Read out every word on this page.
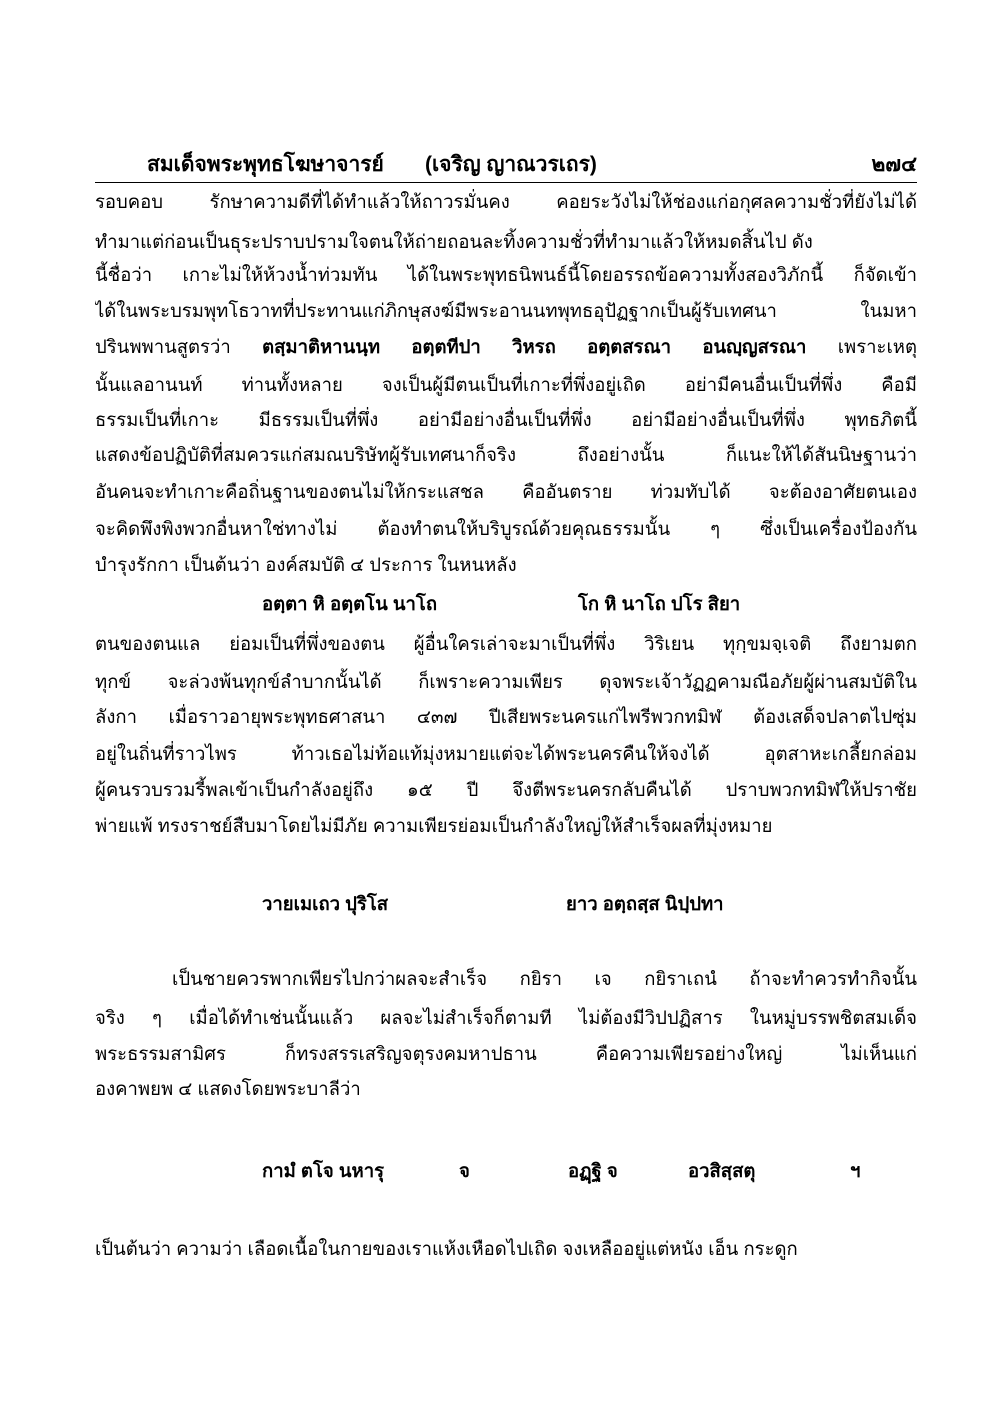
สมเด็จพระพุทธโฆษาจารย์ (เจริญ ญาณวรเถร)	๒๗๔
รอบคอบ รักษาความดีที่ได้ทำแล้วให้ถาวรมั่นคง คอยระวังไม่ให้ช่องแก่อกุศลความชั่วที่ยังไม่ได้
ทำมาแต่ก่อนเป็นธุระปราบปรามใจตนให้ถ่ายถอนละทิ้งความชั่วที่ทำมาแล้วให้หมดสิ้นไป ดัง
นี้ชื่อว่า เกาะไม่ให้ห้วงน้ำท่วมทัน ได้ในพระพุทธนิพนธ์นี้โดยอรรถข้อความทั้งสองวิภักนี้ ก็จัดเข้า
ได้ในพระบรมพุทโธวาทที่ประทานแก่ภิกษุสงฆ์มีพระอานนทพุทธอุปัฏฐากเป็นผู้รับเทศนา ในมหา
ปรินพพานสูตรว่า ตสฺมาติหานนฺท อตฺตทีปา วิหรถ อตฺตสรณา อนญฺญสรณา เพราะเหตุ
นั้นแลอานนท์ ท่านทั้งหลาย จงเป็นผู้มีตนเป็นที่เกาะที่พึ่งอยู่เถิด อย่ามีคนอื่นเป็นที่พึ่ง คือมี
ธรรมเป็นที่เกาะ มีธรรมเป็นที่พึ่ง อย่ามีอย่างอื่นเป็นที่พึ่ง อย่ามีอย่างอื่นเป็นที่พึ่ง พุทธภิตนี้
แสดงข้อปฏิบัติที่สมควรแก่สมณบริษัทผู้รับเทศนาก็จริง ถึงอย่างนั้น ก็แนะให้ได้สันนิษฐานว่า
อันคนจะทำเกาะคือถิ่นฐานของตนไม่ให้กระแสชล คืออันตราย ท่วมทับได้ จะต้องอาศัยตนเอง
จะคิดพึงพิงพวกอื่นหาใช่ทางไม่ ต้องทำตนให้บริบูรณ์ด้วยคุณธรรมนั้น ๆ ซึ่งเป็นเครื่องป้องกัน
บำรุงรักกา เป็นต้นว่า องค์สมบัติ ๔ ประการ ในหนหลัง
อตฺตา หิ อตฺตโน นาโถ	โก หิ นาโถ ปโร สิยา
ตนของตนแล ย่อมเป็นที่พึ่งของตน ผู้อื่นใครเล่าจะมาเป็นที่พึ่ง วิริเยน ทุกฺขมจฺเจติ ถึงยามตก
ทุกข์ จะล่วงพ้นทุกข์ลำบากนั้นได้ ก็เพราะความเพียร ดุจพระเจ้าวัฏฏคามณีอภัยผู้ผ่านสมบัติใน
ลังกา เมื่อราวอายุพระพุทธศาสนา ๔๓๗ ปีเสียพระนครแก่ไพรีพวกทมิฬ ต้องเสด็จปลาตไปซุ่ม
อยู่ในถิ่นที่ราวไพร ท้าวเธอไม่ท้อแท้มุ่งหมายแต่จะได้พระนครคืนให้จงได้ อุตสาหะเกลี้ยกล่อม
ผู้คนรวบรวมรี้พลเข้าเป็นกำลังอยู่ถึง ๑๕ ปี จึงตีพระนครกลับคืนได้ ปราบพวกทมิฬให้ปราชัย
พ่ายแพ้ ทรงราชย์สืบมาโดยไม่มีภัย ความเพียรย่อมเป็นกำลังใหญ่ให้สำเร็จผลที่มุ่งหมาย
วายเมเถว ปุริโส	ยาว อตฺถสฺส นิปฺปทา
เป็นชายควรพากเพียรไปกว่าผลจะสำเร็จ กยิรา เจ กยิราเถนํ ถ้าจะทำควรทำกิจนั้น
จริง ๆ เมื่อได้ทำเช่นนั้นแล้ว ผลจะไม่สำเร็จก็ตามที ไม่ต้องมีวิปปฏิสาร ในหมู่บรรพชิตสมเด็จ
พระธรรมสามิศร ก็ทรงสรรเสริญจตุรงคมหาปธาน คือความเพียรอย่างใหญ่ ไม่เห็นแก่
องคาพยพ ๔ แสดงโดยพระบาลีว่า
กามํ ตโจ นหารุ	จ	อฏฺฐิ จ	อวสิสฺสตุ	ฯ
เป็นต้นว่า ความว่า เลือดเนื้อในกายของเราแห้งเหือดไปเถิด จงเหลืออยู่แต่หนัง เอ็น กระดูก
